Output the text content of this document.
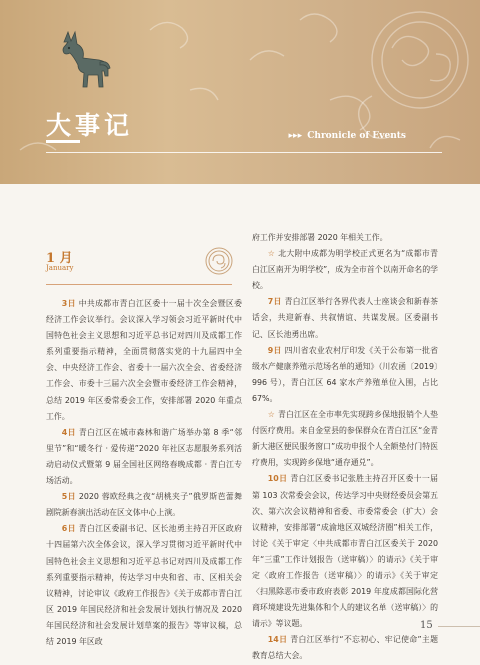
大事记	▸▸▸ Chronicle of Events
1 月
January

3日 中共成都市青白江区委十一届十次全会暨区委经济工作会议举行。会议深入学习领会习近平新时代中国特色社会主义思想和习近平总书记对四川及成都工作系列重要指示精神，全面贯彻落实党的十九届四中全会、中央经济工作会、省委十一届六次全会、省委经济工作会、市委十三届六次全会暨市委经济工作会精神，总结 2019 年区委常委会工作，安排部署 2020 年重点工作。

4日 青白江区在城市森林和谐广场举办第 8 季“邻里节”和“暖冬行 · 爱传递”2020 年社区志愿服务系列活动启动仪式暨第 9 届全国社区网络春晚成都 · 青白江专场活动。

5日 2020 蓉欧经典之夜“胡桃夹子”俄罗斯芭蕾舞剧院新春演出活动在区文体中心上演。

6日 青白江区委副书记、区长池勇主持召开区政府十四届第六次全体会议，深入学习贯彻习近平新时代中国特色社会主义思想和习近平总书记对四川及成都工作系列重要指示精神，传达学习中央和省、市、区相关会议精神，讨论审议《政府工作报告》《关于成都市青白江区 2019 年国民经济和社会发展计划执行情况及 2020 年国民经济和社会发展计划草案的报告》等审议稿，总结 2019 年区政

府工作并安排部署 2020 年相关工作。

☆ 北大附中成都为明学校正式更名为“成都市青白江区南开为明学校”，成为全市首个以南开命名的学校。

7日 青白江区举行各界代表人士座谈会和新春茶话会，共迎新春、共叙情谊、共谋发展。区委副书记、区长池勇出席。

9日 四川省农业农村厅印发《关于公布第一批省级水产健康养殖示范场名单的通知》（川农函〔2019〕996 号），青白江区 64 家水产养殖单位入围，占比 67%。

☆ 青白江区在全市率先实现跨乡保地报销个人垫付医疗费用。来自金堂县的参保群众在青白江区“金青新大港区便民服务窗口”成功申报个人全额垫付门特医疗费用，实现跨乡保地“通存通兑”。

10日 青白江区委书记张胜主持召开区委十一届第 103 次常委会会议，传达学习中央财经委员会第五次、第六次会议精神和省委、市委常委会（扩大）会议精神，安排部署“成渝地区双城经济圈”相关工作，讨论《关于审定〈中共成都市青白江区委关于 2020 年“三重”工作计划报告（送审稿）〉的请示》《关于审定〈政府工作报告（送审稿）〉的请示》《关于审定〈扫黑除恶市委市政府表彰 2019 年度成都国际化营商环境建设先进集体和个人的建议名单（送审稿）〉的请示》等议题。

14日 青白江区举行“不忘初心、牢记使命”主题教育总结大会。

15
